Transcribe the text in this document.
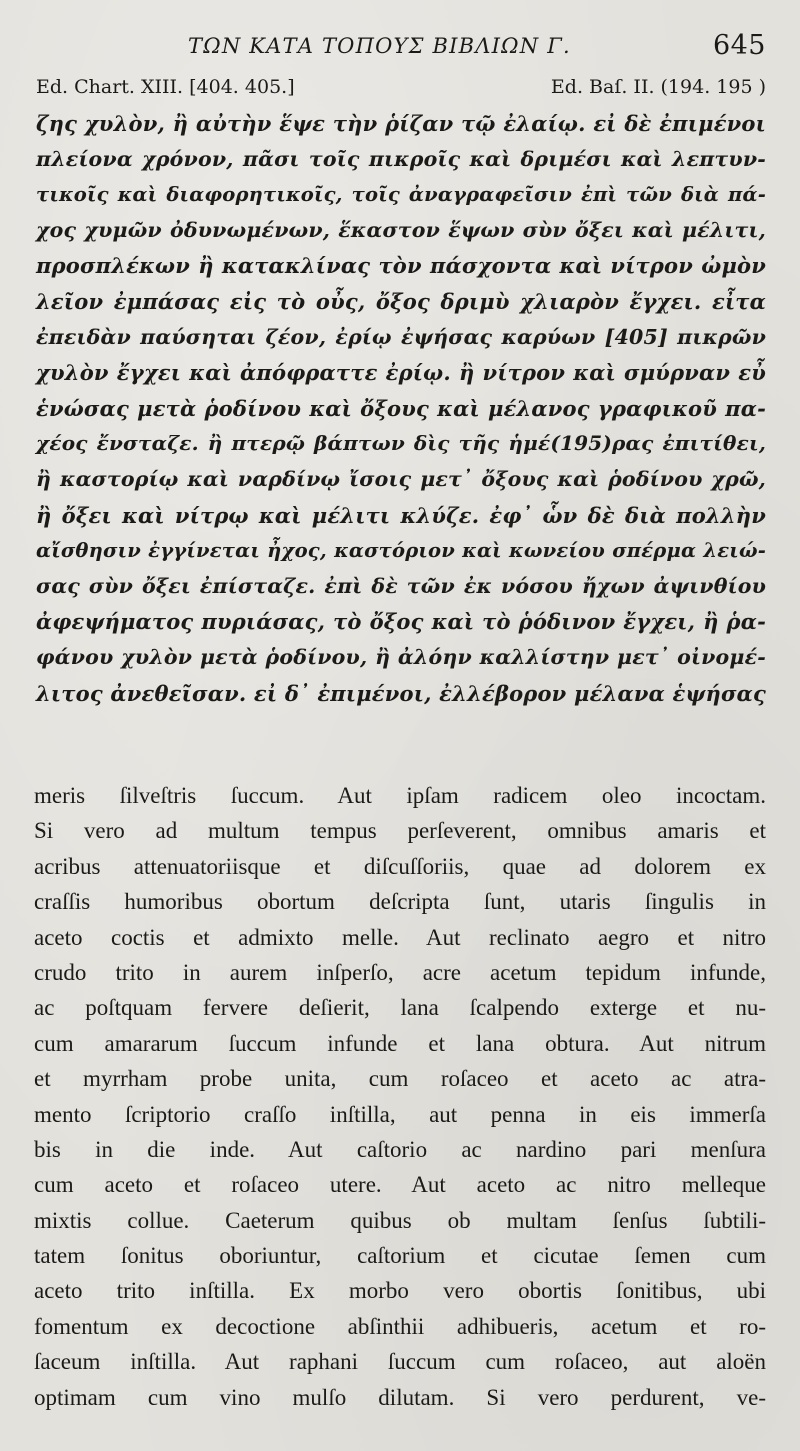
ΤΩΝ ΚΑΤΑ ΤΟΠΟΥΣ ΒΙΒΛΙΩΝ Γ.	645
Ed. Chart. XIII. [404. 405.]	Ed. Baſ. II. (194. 195 )
ζης χυλὸν, ἢ αὐτὴν ἕψε τὴν ῥίζαν τῷ ἐλαίῳ. εἰ δὲ ἐπιμένοι
πλείονα χρόνον, πᾶσι τοῖς πικροῖς καὶ δριμέσι καὶ λεπτυν-
τικοῖς καὶ διαφορητικοῖς, τοῖς ἀναγραφεῖσιν ἐπὶ τῶν διὰ πά-
χος χυμῶν ὀδυνωμένων, ἕκαστον ἕψων σὺν ὄξει καὶ μέλιτι,
προσπλέκων ἢ κατακλίνας τὸν πάσχοντα καὶ νίτρον ὠμὸν
λεῖον ἐμπάσας εἰς τὸ οὖς, ὄξος δριμὺ χλιαρὸν ἔγχει. εἶτα
ἐπειδὰν παύσηται ζέον, ἐρίῳ ἐψήσας καρύων [405] πικρῶν
χυλὸν ἔγχει καὶ ἀπόφραττε ἐρίῳ. ἢ νίτρον καὶ σμύρναν εὖ
ἑνώσας μετὰ ῥοδίνου καὶ ὄξους καὶ μέλανος γραφικοῦ πα-
χέος ἔνσταζε. ἢ πτερῷ βάπτων δὶς τῆς ἡμέ(195)ρας ἐπιτίθει,
ἢ καστορίῳ καὶ ναρδίνῳ ἴσοις μετ᾽ ὄξους καὶ ῥοδίνου χρῶ,
ἢ ὄξει καὶ νίτρῳ καὶ μέλιτι κλύζε. ἐφ᾽ ὧν δὲ διὰ πολλὴν
αἴσθησιν ἐγγίνεται ἦχος, καστόριον καὶ κωνείου σπέρμα λειώ-
σας σὺν ὄξει ἐπίσταζε. ἐπὶ δὲ τῶν ἐκ νόσου ἤχων ἀψινθίου
ἀφεψήματος πυριάσας, τὸ ὄξος καὶ τὸ ῥόδινον ἔγχει, ἢ ῥα-
φάνου χυλὸν μετὰ ῥοδίνου, ἢ ἀλόην καλλίστην μετ᾽ οἰνομέ-
λιτος ἀνεθεῖσαν. εἰ δ᾽ ἐπιμένοι, ἐλλέβορον μέλανα ἑψήσας
meris ſilveſtris ſuccum. Aut ipſam radicem oleo incoctam.
Si vero ad multum tempus perſeverent, omnibus amaris et
acribus attenuatoriisque et diſcuſſoriis, quae ad dolorem ex
craſſis humoribus obortum deſcripta ſunt, utaris ſingulis in
aceto coctis et admixto melle. Aut reclinato aegro et nitro
crudo trito in aurem inſperſo, acre acetum tepidum infunde,
ac poſtquam fervere deſierit, lana ſcalpendo exterge et nu-
cum amararum ſuccum infunde et lana obtura. Aut nitrum
et myrrham probe unita, cum roſaceo et aceto ac atra-
mento ſcriptorio craſſo inſtilla, aut penna in eis immerſa
bis in die inde. Aut caſtorio ac nardino pari menſura
cum aceto et roſaceo utere. Aut aceto ac nitro melleque
mixtis collue. Caeterum quibus ob multam ſenſus ſubtili-
tatem ſonitus oboriuntur, caſtorium et cicutae ſemen cum
aceto trito inſtilla. Ex morbo vero obortis ſonitibus, ubi
fomentum ex decoctione abſinthii adhibueris, acetum et ro-
ſaceum inſtilla. Aut raphani ſuccum cum roſaceo, aut aloën
optimam cum vino mulſo dilutam. Si vero perdurent, ve-
